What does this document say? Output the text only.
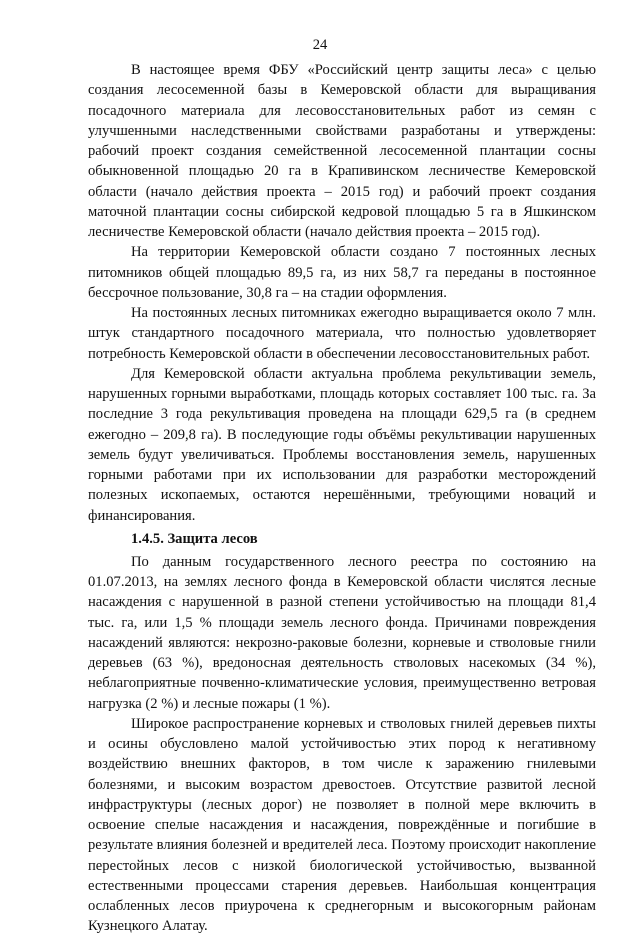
24

В настоящее время ФБУ «Российский центр защиты леса» с целью создания лесосеменной базы в Кемеровской области для выращивания посадочного материала для лесовосстановительных работ из семян с улучшенными наследственными свойствами разработаны и утверждены: рабочий проект создания семейственной лесосеменной плантации сосны обыкновенной площадью 20 га в Крапивинском лесничестве Кемеровской области (начало действия проекта – 2015 год) и рабочий проект создания маточной плантации сосны сибирской кедровой площадью 5 га в Яшкинском лесничестве Кемеровской области (начало действия проекта – 2015 год).

На территории Кемеровской области создано 7 постоянных лесных питомников общей площадью 89,5 га, из них 58,7 га переданы в постоянное бессрочное пользование, 30,8 га – на стадии оформления.

На постоянных лесных питомниках ежегодно выращивается около 7 млн. штук стандартного посадочного материала, что полностью удовлетворяет потребность Кемеровской области в обеспечении лесовосстановительных работ.

Для Кемеровской области актуальна проблема рекультивации земель, нарушенных горными выработками, площадь которых составляет 100 тыс. га. За последние 3 года рекультивация проведена на площади 629,5 га (в среднем ежегодно – 209,8 га). В последующие годы объёмы рекультивации нарушенных земель будут увеличиваться. Проблемы восстановления земель, нарушенных горными работами при их использовании для разработки месторождений полезных ископаемых, остаются нерешёнными, требующими новаций и финансирования.

1.4.5. Защита лесов

По данным государственного лесного реестра по состоянию на 01.07.2013, на землях лесного фонда в Кемеровской области числятся лесные насаждения с нарушенной в разной степени устойчивостью на площади 81,4 тыс. га, или 1,5 % площади земель лесного фонда. Причинами повреждения насаждений являются: некрозно-раковые болезни, корневые и стволовые гнили деревьев (63 %), вредоносная деятельность стволовых насекомых (34 %), неблагоприятные почвенно-климатические условия, преимущественно ветровая нагрузка (2 %) и лесные пожары (1 %).

Широкое распространение корневых и стволовых гнилей деревьев пихты и осины обусловлено малой устойчивостью этих пород к негативному воздействию внешних факторов, в том числе к заражению гнилевыми болезнями, и высоким возрастом древостоев. Отсутствие развитой лесной инфраструктуры (лесных дорог) не позволяет в полной мере включить в освоение спелые насаждения и насаждения, повреждённые и погибшие в результате влияния болезней и вредителей леса. Поэтому происходит накопление перестойных лесов с низкой биологической устойчивостью, вызванной естественными процессами старения деревьев. Наибольшая концентрация ослабленных лесов приурочена к среднегорным и высокогорным районам Кузнецкого Алатау.
